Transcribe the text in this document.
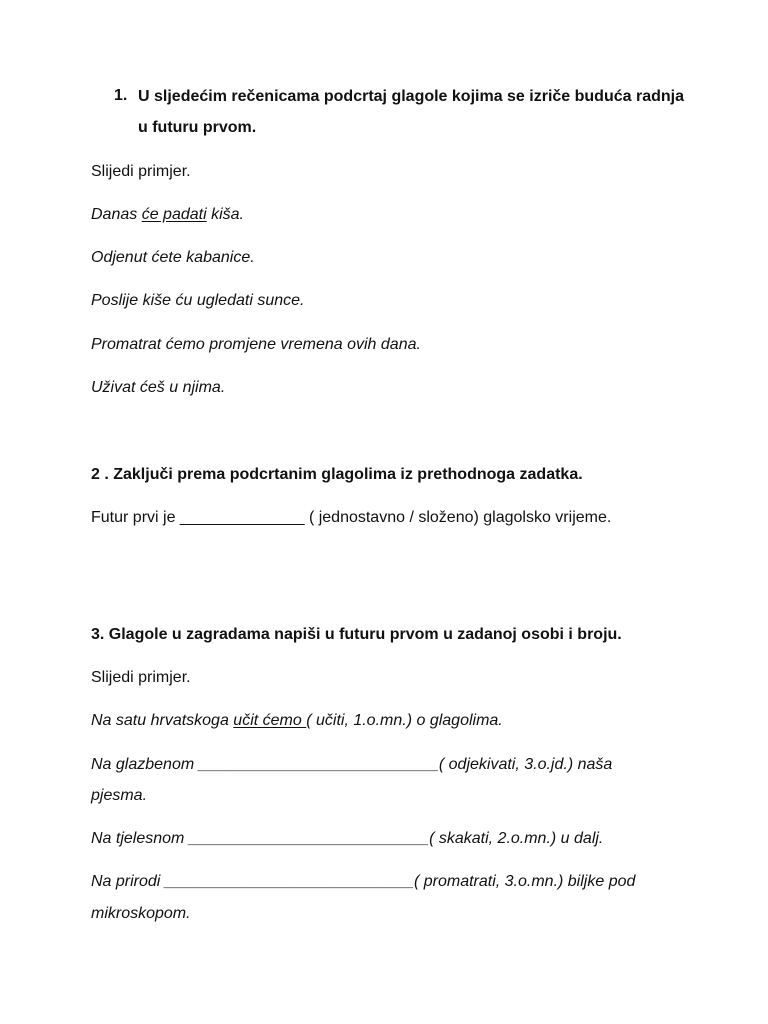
1. U sljedećim rečenicama podcrtaj glagole kojima se izriče buduća radnja
u futuru prvom.
Slijedi primjer.
Danas će padati kiša.
Odjenut ćete kabanice.
Poslije kiše ću ugledati sunce.
Promatrat ćemo promjene vremena ovih dana.
Uživat ćeš u njima.
2 . Zaključi prema podcrtanim glagolima iz prethodnoga zadatka.
Futur prvi je ______________ ( jednostavno / složeno) glagolsko vrijeme.
3. Glagole u zagradama napiši u futuru prvom u zadanoj osobi i broju.
Slijedi primjer.
Na satu hrvatskoga učit ćemo ( učiti, 1.o.mn.) o glagolima.
Na glazbenom ___________________________( odjekivati, 3.o.jd.) naša
pjesma.
Na tjelesnom ___________________________( skakati, 2.o.mn.) u dalj.
Na prirodi ____________________________( promatrati, 3.o.mn.) biljke pod
mikroskopom.
